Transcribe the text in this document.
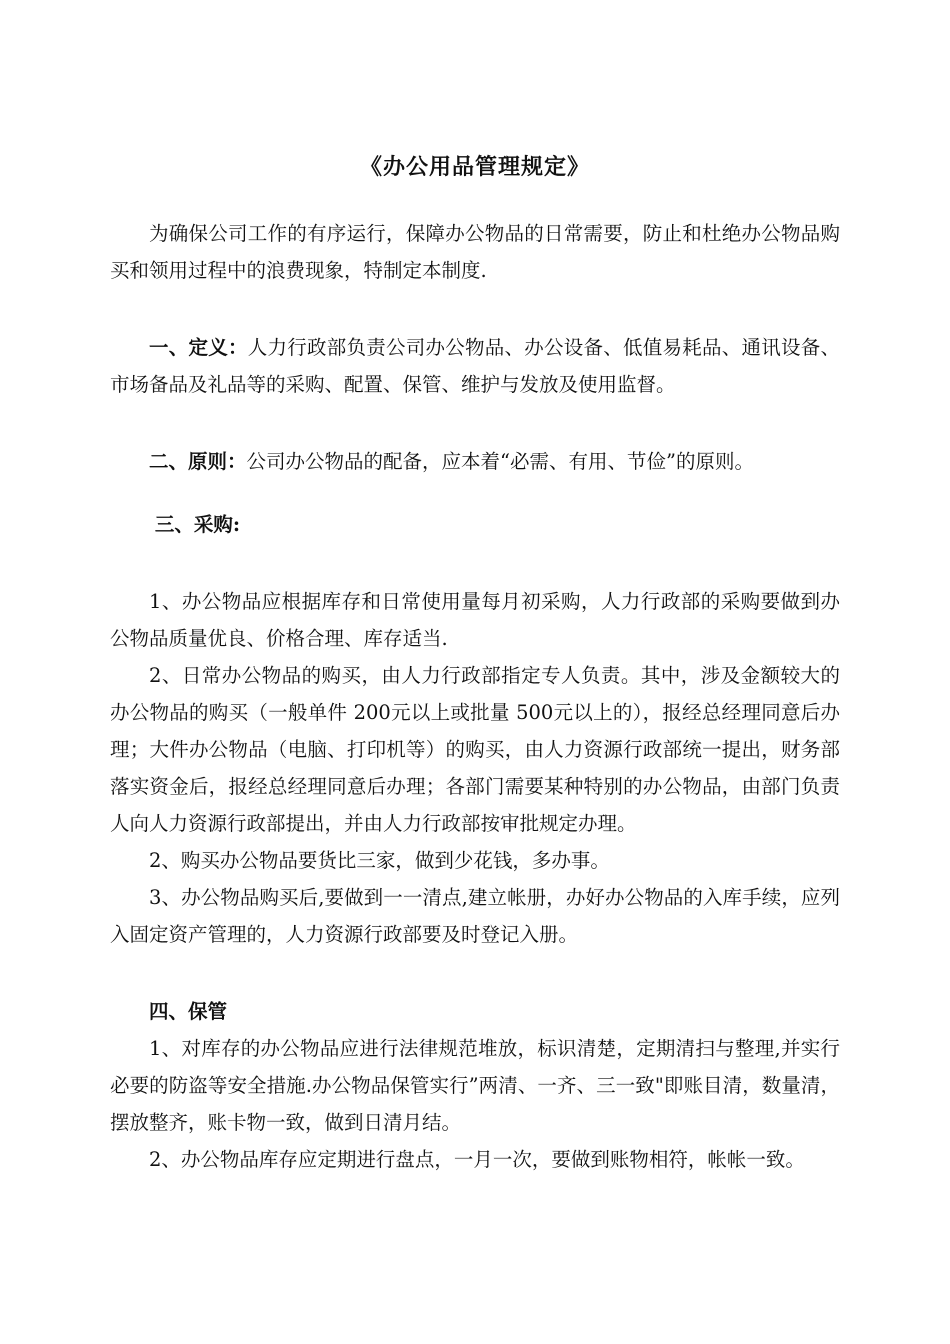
《办公用品管理规定》

为确保公司工作的有序运行，保障办公物品的日常需要，防止和杜绝办公物品购买和领用过程中的浪费现象，特制定本制度.

一、定义：人力行政部负责公司办公物品、办公设备、低值易耗品、通讯设备、市场备品及礼品等的采购、配置、保管、维护与发放及使用监督。

二、原则：公司办公物品的配备，应本着“必需、有用、节俭”的原则。

三、采购:

1、办公物品应根据库存和日常使用量每月初采购，人力行政部的采购要做到办公物品质量优良、价格合理、库存适当.

2、日常办公物品的购买，由人力行政部指定专人负责。其中，涉及金额较大的办公物品的购买（一般单件 200元以上或批量 500元以上的），报经总经理同意后办理；大件办公物品（电脑、打印机等）的购买，由人力资源行政部统一提出，财务部落实资金后，报经总经理同意后办理；各部门需要某种特别的办公物品，由部门负责人向人力资源行政部提出，并由人力行政部按审批规定办理。

2、购买办公物品要货比三家，做到少花钱，多办事。

3、办公物品购买后,要做到一一清点,建立帐册，办好办公物品的入库手续，应列入固定资产管理的，人力资源行政部要及时登记入册。

四、保管

1、对库存的办公物品应进行法律规范堆放，标识清楚，定期清扫与整理,并实行必要的防盗等安全措施.办公物品保管实行”两清、一齐、三一致"即账目清，数量清， 摆放整齐，账卡物一致，做到日清月结。

2、办公物品库存应定期进行盘点，一月一次，要做到账物相符，帐帐一致。
